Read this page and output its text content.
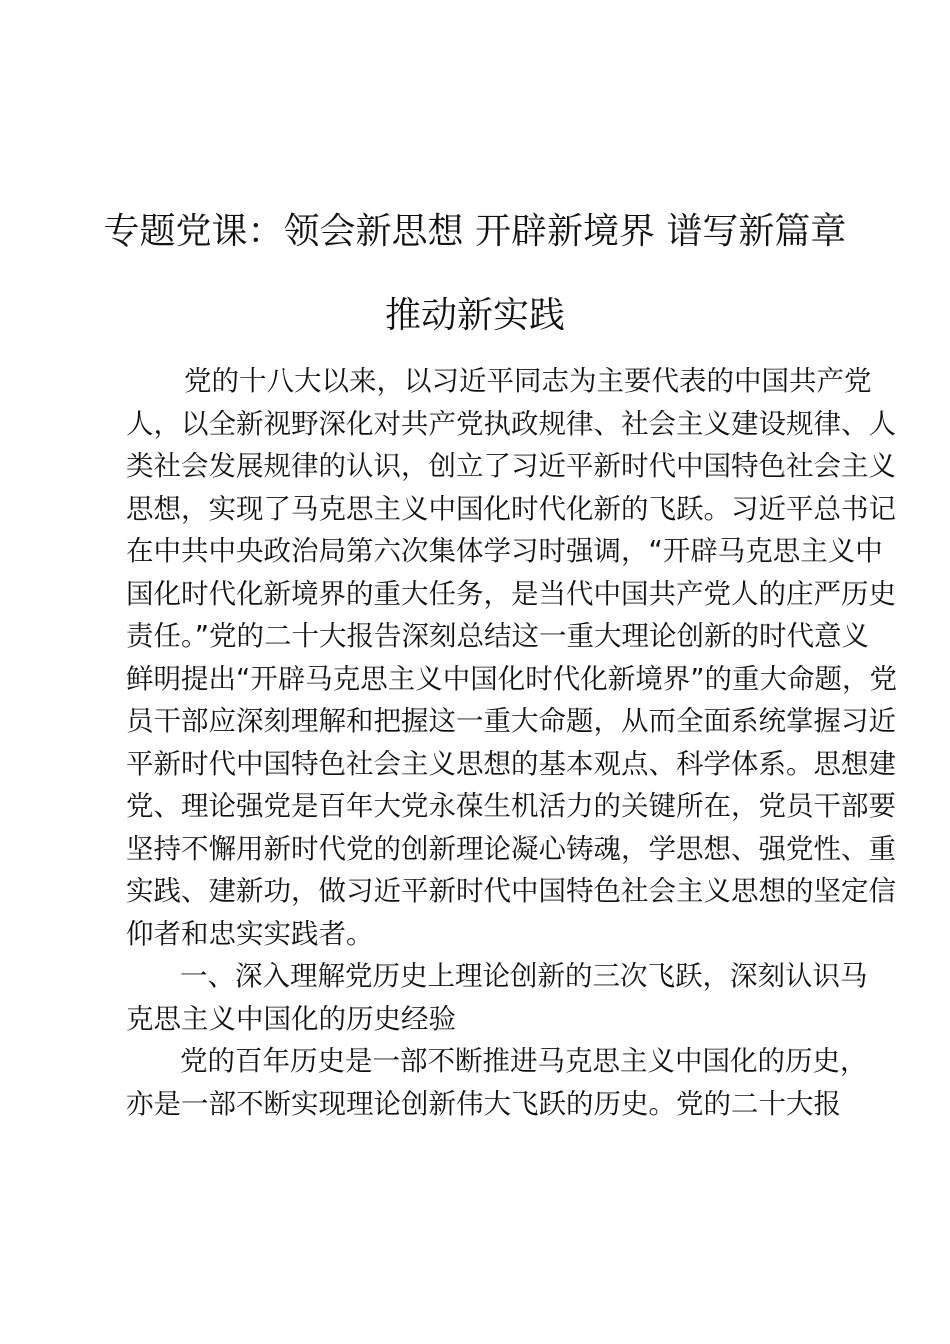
专题党课：领会新思想 开辟新境界 谱写新篇章
推动新实践

党的十八大以来，以习近平同志为主要代表的中国共产党
人，以全新视野深化对共产党执政规律、社会主义建设规律、人
类社会发展规律的认识，创立了习近平新时代中国特色社会主义
思想，实现了马克思主义中国化时代化新的飞跃。习近平总书记
在中共中央政治局第六次集体学习时强调，“开辟马克思主义中
国化时代化新境界的重大任务，是当代中国共产党人的庄严历史
责任。”党的二十大报告深刻总结这一重大理论创新的时代意义
鲜明提出“开辟马克思主义中国化时代化新境界”的重大命题，党
员干部应深刻理解和把握这一重大命题，从而全面系统掌握习近
平新时代中国特色社会主义思想的基本观点、科学体系。思想建
党、理论强党是百年大党永葆生机活力的关键所在，党员干部要
坚持不懈用新时代党的创新理论凝心铸魂，学思想、强党性、重
实践、建新功，做习近平新时代中国特色社会主义思想的坚定信
仰者和忠实实践者。

一、深入理解党历史上理论创新的三次飞跃，深刻认识马
克思主义中国化的历史经验

党的百年历史是一部不断推进马克思主义中国化的历史，
亦是一部不断实现理论创新伟大飞跃的历史。党的二十大报
